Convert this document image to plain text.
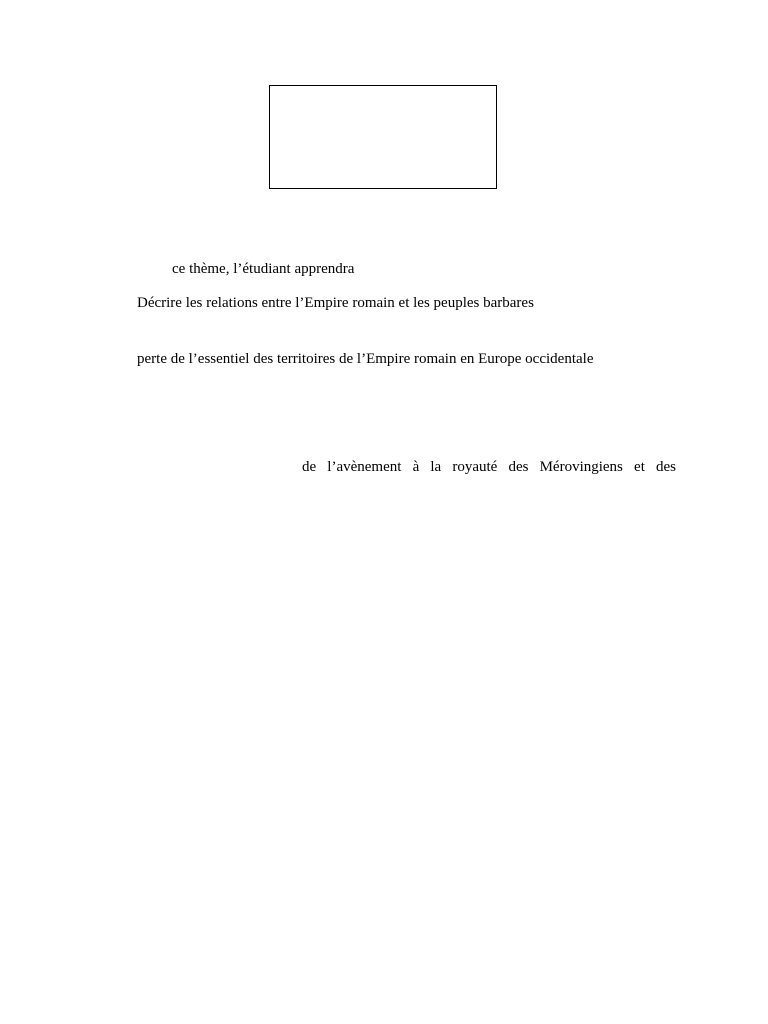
ce thème, l’étudiant apprendra
Décrire les relations entre l’Empire romain et les peuples barbares
perte de l’essentiel des territoires de l’Empire romain en Europe occidentale
de l’avènement à la royauté des Mérovingiens et des
